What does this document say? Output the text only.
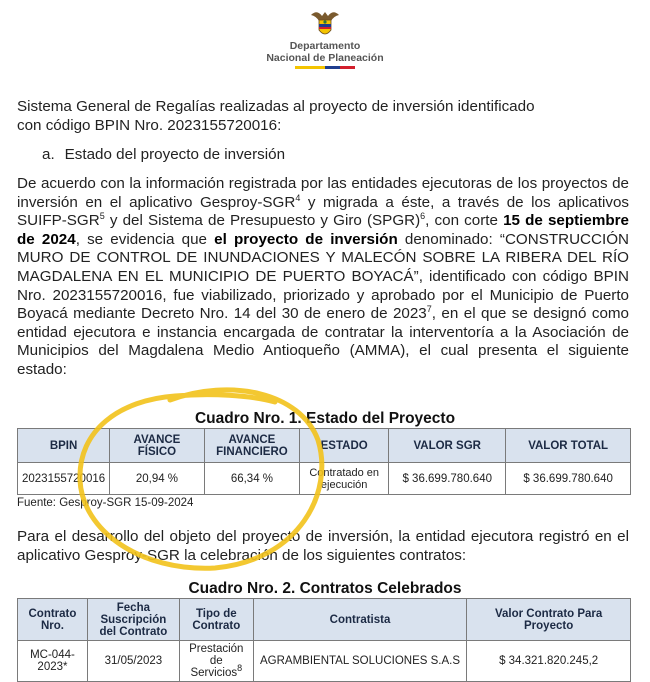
Departamento
Nacional de Planeación
Sistema General de Regalías realizadas al proyecto de inversión identificado
con código BPIN Nro. 2023155720016:
a. Estado del proyecto de inversión
De acuerdo con la información registrada por las entidades ejecutoras de los proyectos de inversión en el aplicativo Gesproy-SGR$^4$ y migrada a éste, a través de los aplicativos SUIFP-SGR$^5$ y del Sistema de Presupuesto y Giro (SPGR)$^6$, con corte 15 de septiembre de 2024, se evidencia que el proyecto de inversión denominado: “CONSTRUCCIÓN MURO DE CONTROL DE INUNDACIONES Y MALECÓN SOBRE LA RIBERA DEL RÍO MAGDALENA EN EL MUNICIPIO DE PUERTO BOYACÁ”, identificado con código BPIN Nro. 2023155720016, fue viabilizado, priorizado y aprobado por el Municipio de Puerto Boyacá mediante Decreto Nro. 14 del 30 de enero de 2023$^7$, en el que se designó como entidad ejecutora e instancia encargada de contratar la interventoría a la Asociación de Municipios del Magdalena Medio Antioqueño (AMMA), el cual presenta el siguiente estado:
Cuadro Nro. 1. Estado del Proyecto
BPIN	AVANCE FÍSICO	AVANCE FINANCIERO	ESTADO	VALOR SGR	VALOR TOTAL
2023155720016	20,94 %	66,34 %	Contratado en ejecución	$ 36.699.780.640	$ 36.699.780.640
Fuente: Gesproy-SGR 15-09-2024
Para el desarrollo del objeto del proyecto de inversión, la entidad ejecutora registró en el aplicativo Gesproy-SGR la celebración de los siguientes contratos:
Cuadro Nro. 2. Contratos Celebrados
Contrato Nro.	Fecha Suscripción del Contrato	Tipo de Contrato	Contratista	Valor Contrato Para Proyecto
MC-044-2023*	31/05/2023	Prestación de Servicios$^8$	AGRAMBIENTAL SOLUCIONES S.A.S	$ 34.321.820.245,2
